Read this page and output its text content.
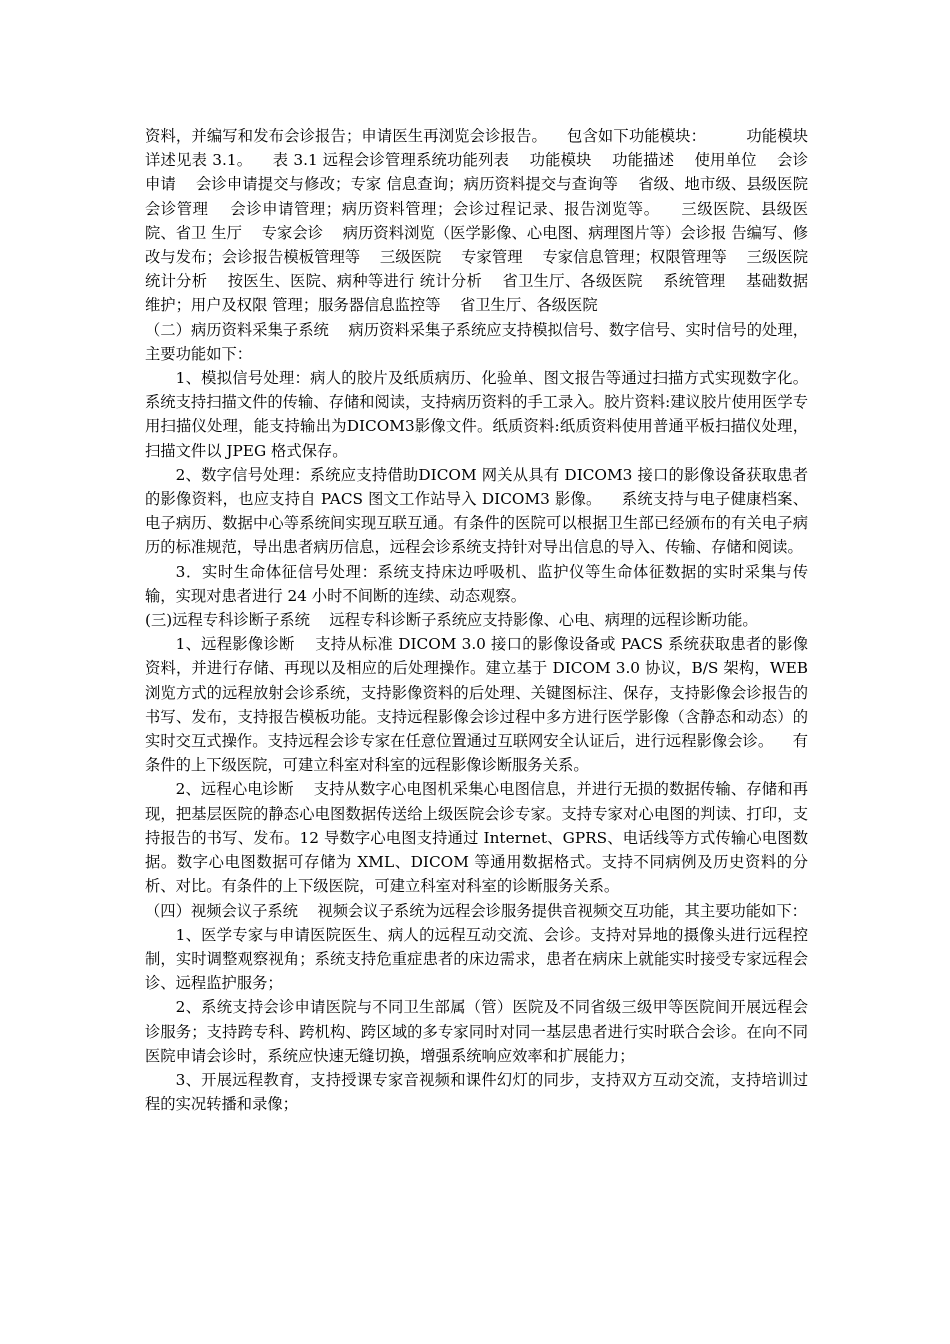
资料，并编写和发布会诊报告；申请医生再浏览会诊报告。    包含如下功能模块：        功能模块详述见表 3.1。    表 3.1 远程会诊管理系统功能列表    功能模块    功能描述    使用单位    会诊申请    会诊申请提交与修改；专家 信息查询；病历资料提交与查询等    省级、地市级、县级医院    会诊管理    会诊申请管理；病历资料管理；会诊过程记录、报告浏览等。    三级医院、县级医院、省卫 生厅    专家会诊    病历资料浏览（医学影像、心电图、病理图片等）会诊报 告编写、修改与发布；会诊报告模板管理等    三级医院    专家管理    专家信息管理；权限管理等    三级医院    统计分析    按医生、医院、病种等进行 统计分析    省卫生厅、各级医院    系统管理    基础数据维护；用户及权限 管理；服务器信息监控等    省卫生厅、各级医院

（二）病历资料采集子系统    病历资料采集子系统应支持模拟信号、数字信号、实时信号的处理，主要功能如下：

1、模拟信号处理：病人的胶片及纸质病历、化验单、图文报告等通过扫描方式实现数字化。系统支持扫描文件的传输、存储和阅读，支持病历资料的手工录入。胶片资料:建议胶片使用医学专用扫描仪处理，能支持输出为DICOM3影像文件。纸质资料:纸质资料使用普通平板扫描仪处理，扫描文件以 JPEG 格式保存。

2、数字信号处理：系统应支持借助DICOM 网关从具有 DICOM3 接口的影像设备获取患者的影像资料，也应支持自 PACS 图文工作站导入 DICOM3 影像。    系统支持与电子健康档案、电子病历、数据中心等系统间实现互联互通。有条件的医院可以根据卫生部已经颁布的有关电子病历的标准规范，导出患者病历信息，远程会诊系统支持针对导出信息的导入、传输、存储和阅读。

3．实时生命体征信号处理：系统支持床边呼吸机、监护仪等生命体征数据的实时采集与传输，实现对患者进行 24 小时不间断的连续、动态观察。

(三)远程专科诊断子系统    远程专科诊断子系统应支持影像、心电、病理的远程诊断功能。

1、远程影像诊断    支持从标准 DICOM 3.0 接口的影像设备或 PACS 系统获取患者的影像资料，并进行存储、再现以及相应的后处理操作。建立基于 DICOM 3.0 协议，B/S 架构，WEB 浏览方式的远程放射会诊系统，支持影像资料的后处理、关键图标注、保存，支持影像会诊报告的书写、发布，支持报告模板功能。支持远程影像会诊过程中多方进行医学影像（含静态和动态）的实时交互式操作。支持远程会诊专家在任意位置通过互联网安全认证后，进行远程影像会诊。    有条件的上下级医院，可建立科室对科室的远程影像诊断服务关系。

2、远程心电诊断    支持从数字心电图机采集心电图信息，并进行无损的数据传输、存储和再现，把基层医院的静态心电图数据传送给上级医院会诊专家。支持专家对心电图的判读、打印，支持报告的书写、发布。12 导数字心电图支持通过 Internet、GPRS、电话线等方式传输心电图数据。数字心电图数据可存储为 XML、DICOM 等通用数据格式。支持不同病例及历史资料的分析、对比。有条件的上下级医院，可建立科室对科室的诊断服务关系。

（四）视频会议子系统    视频会议子系统为远程会诊服务提供音视频交互功能，其主要功能如下：

1、医学专家与申请医院医生、病人的远程互动交流、会诊。支持对异地的摄像头进行远程控制，实时调整观察视角；系统支持危重症患者的床边需求，患者在病床上就能实时接受专家远程会诊、远程监护服务；

2、系统支持会诊申请医院与不同卫生部属（管）医院及不同省级三级甲等医院间开展远程会诊服务；支持跨专科、跨机构、跨区域的多专家同时对同一基层患者进行实时联合会诊。在向不同医院申请会诊时，系统应快速无缝切换，增强系统响应效率和扩展能力；

3、开展远程教育，支持授课专家音视频和课件幻灯的同步，支持双方互动交流，支持培训过程的实况转播和录像；
